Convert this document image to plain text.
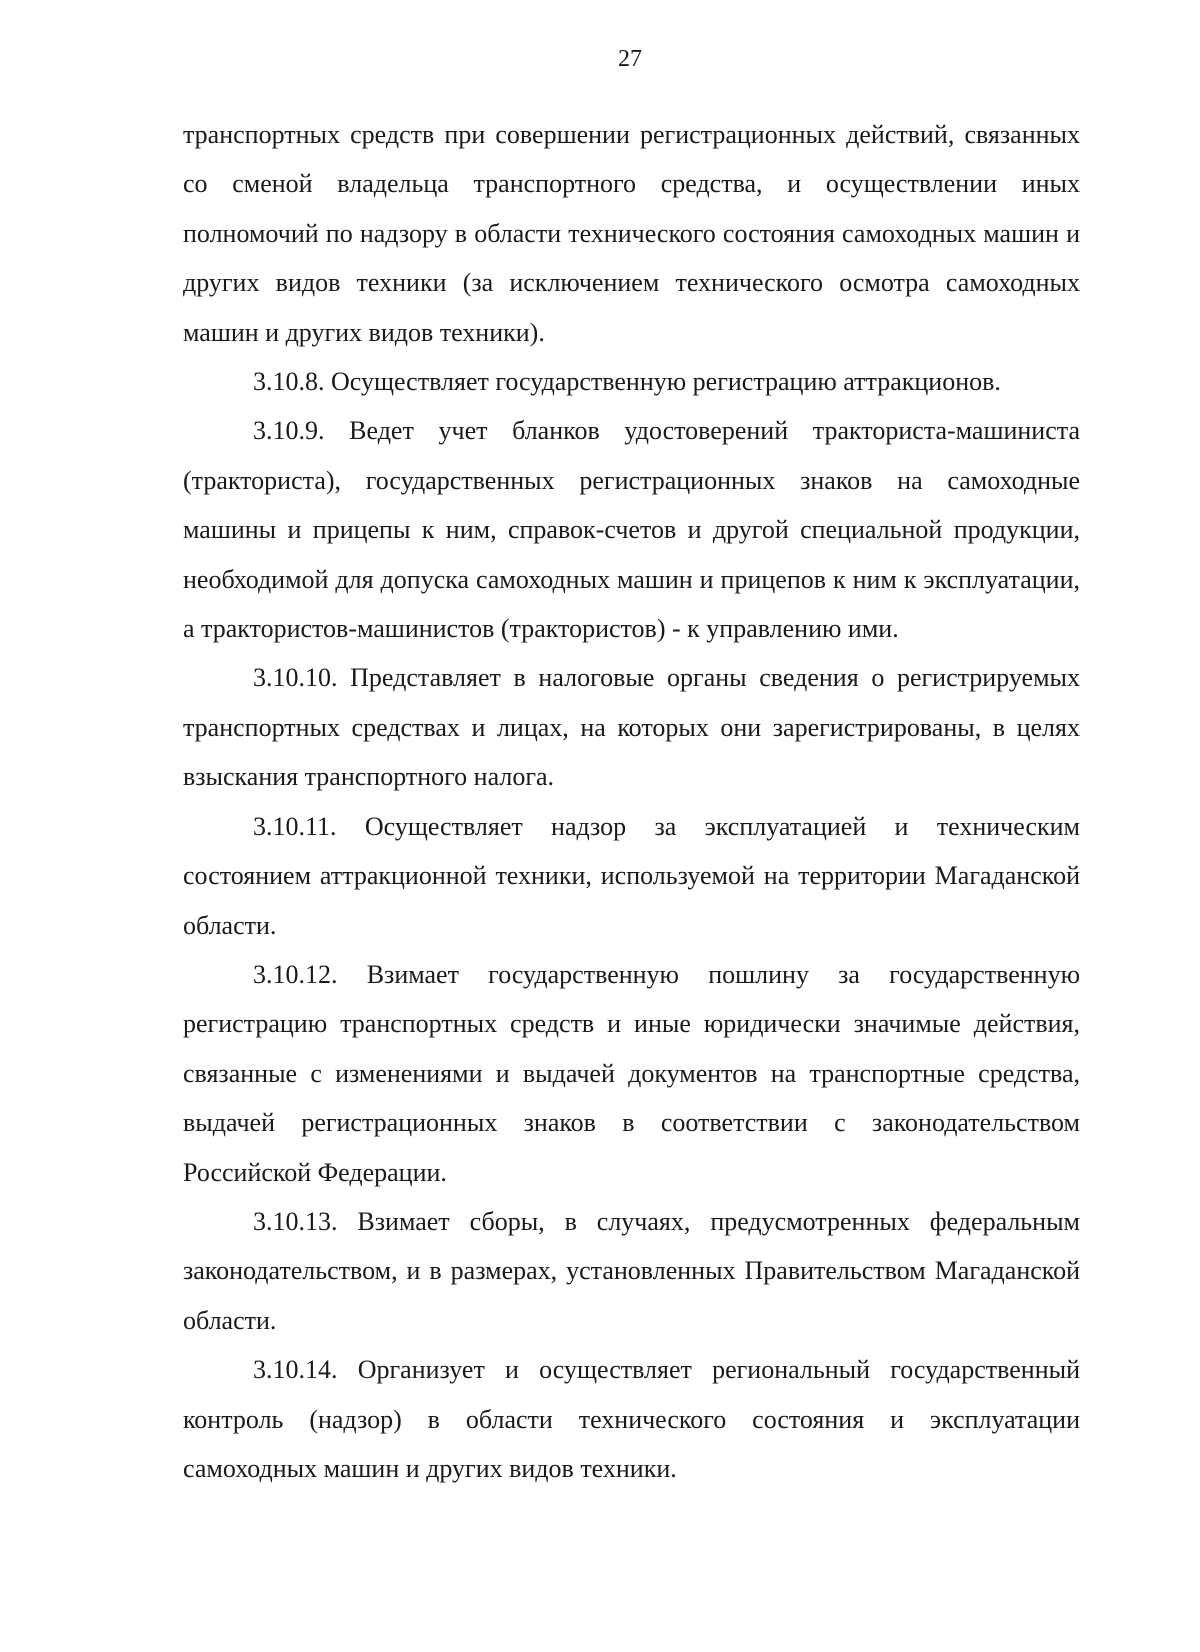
27

транспортных средств при совершении регистрационных действий, связанных со сменой владельца транспортного средства, и осуществлении иных полномочий по надзору в области технического состояния самоходных машин и других видов техники (за исключением технического осмотра самоходных машин и других видов техники).

3.10.8. Осуществляет государственную регистрацию аттракционов.

3.10.9. Ведет учет бланков удостоверений тракториста-машиниста (тракториста), государственных регистрационных знаков на самоходные машины и прицепы к ним, справок-счетов и другой специальной продукции, необходимой для допуска самоходных машин и прицепов к ним к эксплуатации, а трактористов-машинистов (трактористов) - к управлению ими.

3.10.10. Представляет в налоговые органы сведения о регистрируемых транспортных средствах и лицах, на которых они зарегистрированы, в целях взыскания транспортного налога.

3.10.11. Осуществляет надзор за эксплуатацией и техническим состоянием аттракционной техники, используемой на территории Магаданской области.

3.10.12. Взимает государственную пошлину за государственную регистрацию транспортных средств и иные юридически значимые действия, связанные с изменениями и выдачей документов на транспортные средства, выдачей регистрационных знаков в соответствии с законодательством Российской Федерации.

3.10.13. Взимает сборы, в случаях, предусмотренных федеральным законодательством, и в размерах, установленных Правительством Магаданской области.

3.10.14. Организует и осуществляет региональный государственный контроль (надзор) в области технического состояния и эксплуатации самоходных машин и других видов техники.
